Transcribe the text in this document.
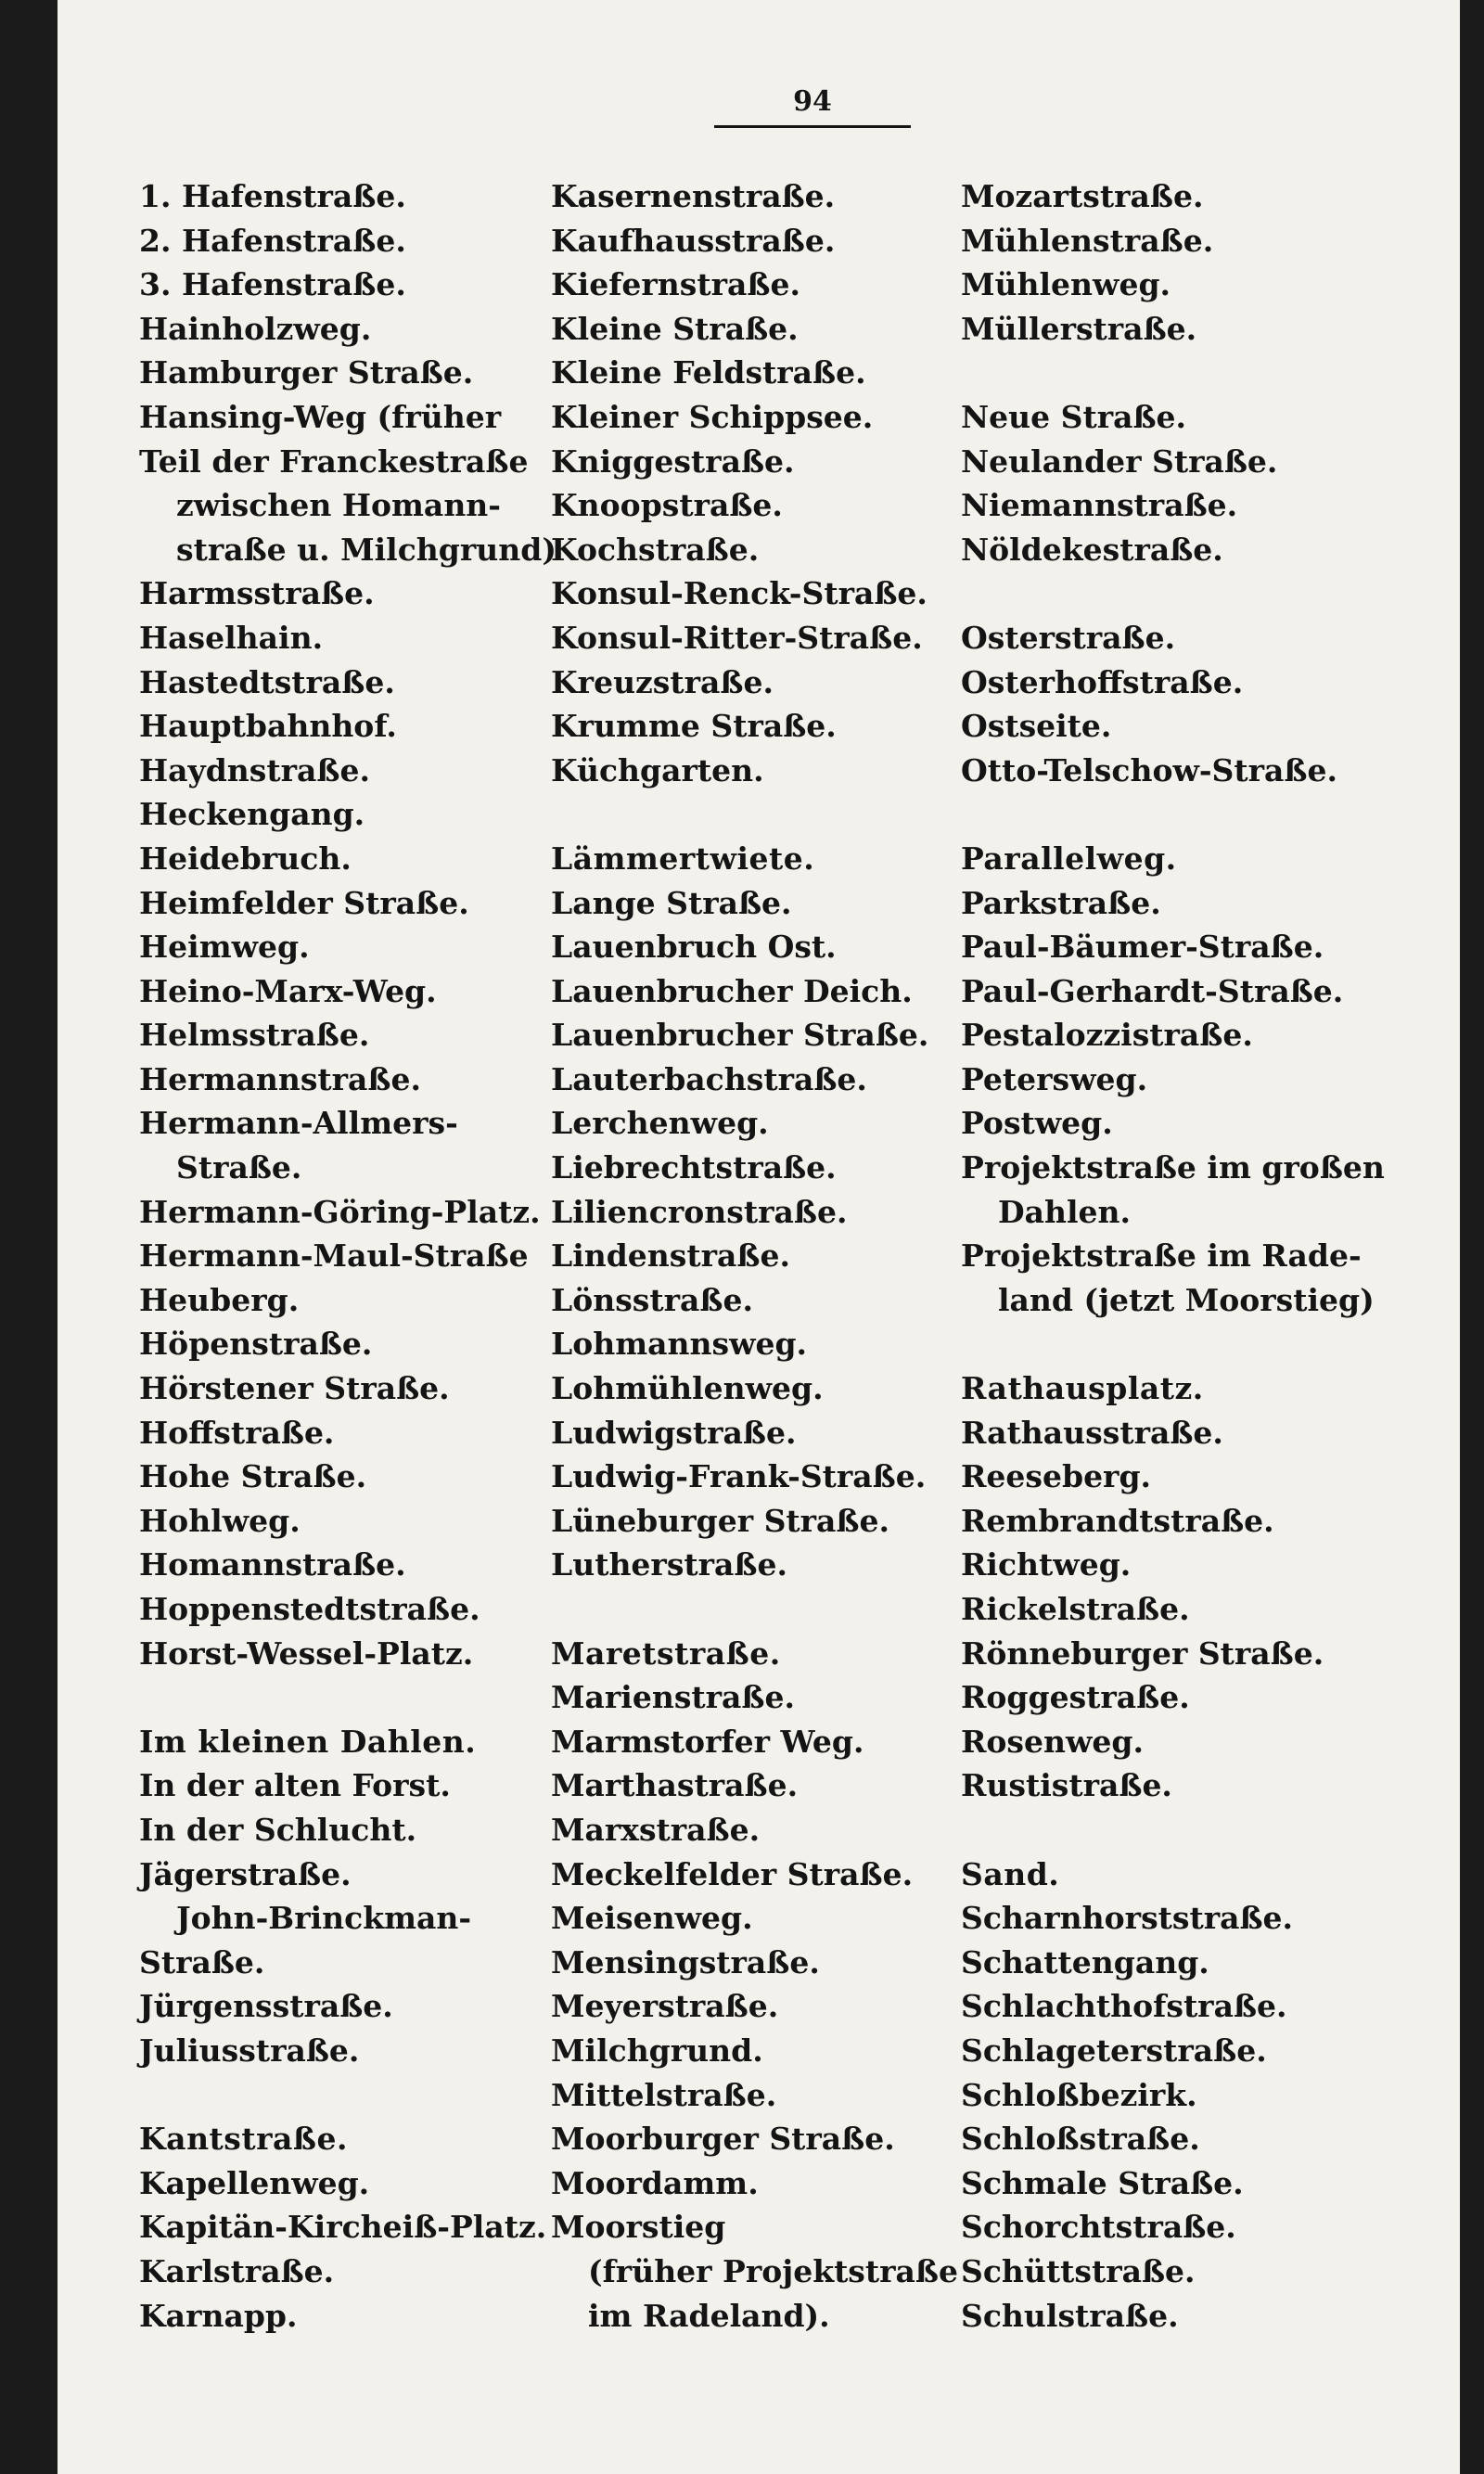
94
1. Hafenstraße.
2. Hafenstraße.
3. Hafenstraße.
Hainholzweg.
Hamburger Straße.
Hansing-Weg (früher
Teil der Franckestraße
zwischen Homann-
straße u. Milchgrund)
Harmsstraße.
Haselhain.
Hastedtstraße.
Hauptbahnhof.
Haydnstraße.
Heckengang.
Heidebruch.
Heimfelder Straße.
Heimweg.
Heino-Marx-Weg.
Helmsstraße.
Hermannstraße.
Hermann-Allmers-
Straße.
Hermann-Göring-Platz.
Hermann-Maul-Straße
Heuberg.
Höpenstraße.
Hörstener Straße.
Hoffstraße.
Hohe Straße.
Hohlweg.
Homannstraße.
Hoppenstedtstraße.
Horst-Wessel-Platz.
Im kleinen Dahlen.
In der alten Forst.
In der Schlucht.
Jägerstraße.
John-Brinckman-
Straße.
Jürgensstraße.
Juliusstraße.
Kantstraße.
Kapellenweg.
Kapitän-Kircheiß-Platz.
Karlstraße.
Karnapp.
Kasernenstraße.
Kaufhausstraße.
Kiefernstraße.
Kleine Straße.
Kleine Feldstraße.
Kleiner Schippsee.
Kniggestraße.
Knoopstraße.
Kochstraße.
Konsul-Renck-Straße.
Konsul-Ritter-Straße.
Kreuzstraße.
Krumme Straße.
Küchgarten.
Lämmertwiete.
Lange Straße.
Lauenbruch Ost.
Lauenbrucher Deich.
Lauenbrucher Straße.
Lauterbachstraße.
Lerchenweg.
Liebrechtstraße.
Liliencronstraße.
Lindenstraße.
Lönsstraße.
Lohmannsweg.
Lohmühlenweg.
Ludwigstraße.
Ludwig-Frank-Straße.
Lüneburger Straße.
Lutherstraße.
Maretstraße.
Marienstraße.
Marmstorfer Weg.
Marthastraße.
Marxstraße.
Meckelfelder Straße.
Meisenweg.
Mensingstraße.
Meyerstraße.
Milchgrund.
Mittelstraße.
Moorburger Straße.
Moordamm.
Moorstieg
(früher Projektstraße
im Radeland).
Mozartstraße.
Mühlenstraße.
Mühlenweg.
Müllerstraße.
Neue Straße.
Neulander Straße.
Niemannstraße.
Nöldekestraße.
Osterstraße.
Osterhoffstraße.
Ostseite.
Otto-Telschow-Straße.
Parallelweg.
Parkstraße.
Paul-Bäumer-Straße.
Paul-Gerhardt-Straße.
Pestalozzistraße.
Petersweg.
Postweg.
Projektstraße im großen
Dahlen.
Projektstraße im Rade-
land (jetzt Moorstieg)
Rathausplatz.
Rathausstraße.
Reeseberg.
Rembrandtstraße.
Richtweg.
Rickelstraße.
Rönneburger Straße.
Roggestraße.
Rosenweg.
Rustistraße.
Sand.
Scharnhorststraße.
Schattengang.
Schlachthofstraße.
Schlageterstraße.
Schloßbezirk.
Schloßstraße.
Schmale Straße.
Schorchtstraße.
Schüttstraße.
Schulstraße.
